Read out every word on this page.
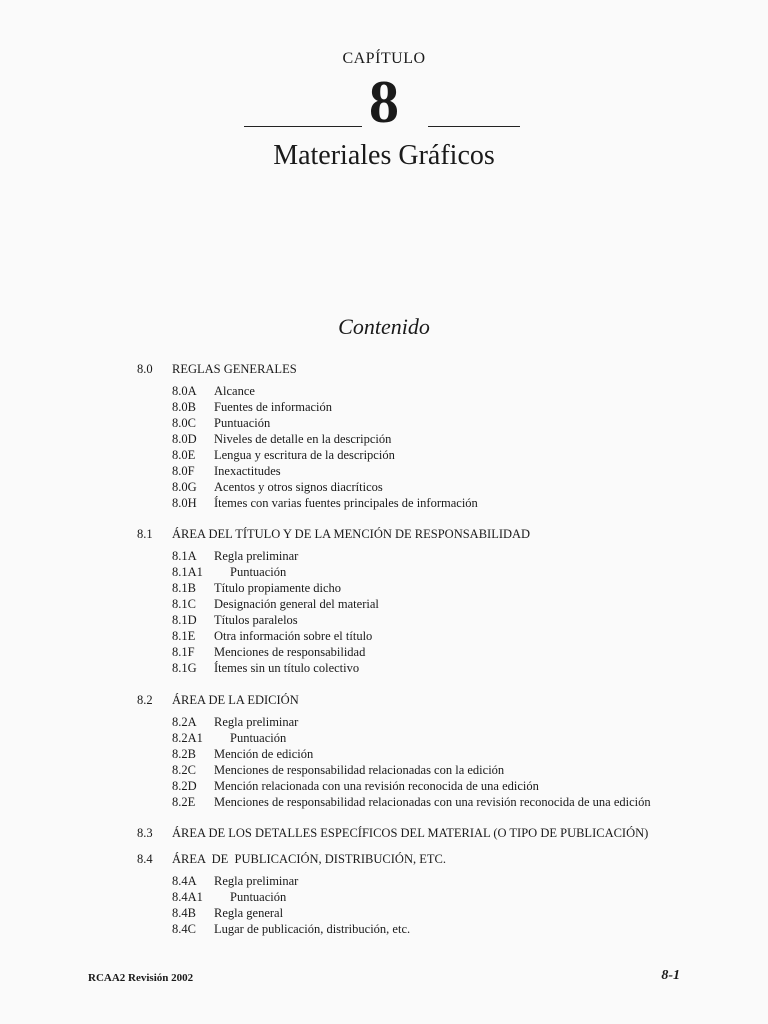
CAPÍTULO
8
Materiales Gráficos
Contenido
8.0 REGLAS GENERALES
8.0A Alcance
8.0B Fuentes de información
8.0C Puntuación
8.0D Niveles de detalle en la descripción
8.0E Lengua y escritura de la descripción
8.0F Inexactitudes
8.0G Acentos y otros signos diacríticos
8.0H Ítemes con varias fuentes principales de información
8.1 ÁREA DEL TÍTULO Y DE LA MENCIÓN DE RESPONSABILIDAD
8.1A Regla preliminar
8.1A1 Puntuación
8.1B Título propiamente dicho
8.1C Designación general del material
8.1D Títulos paralelos
8.1E Otra información sobre el título
8.1F Menciones de responsabilidad
8.1G Ítemes sin un título colectivo
8.2 ÁREA DE LA EDICIÓN
8.2A Regla preliminar
8.2A1 Puntuación
8.2B Mención de edición
8.2C Menciones de responsabilidad relacionadas con la edición
8.2D Mención relacionada con una revisión reconocida de una edición
8.2E Menciones de responsabilidad relacionadas con una revisión reconocida de una edición
8.3 ÁREA DE LOS DETALLES ESPECÍFICOS DEL MATERIAL (O TIPO DE PUBLICACIÓN)
8.4 ÁREA  DE  PUBLICACIÓN, DISTRIBUCIÓN, ETC.
8.4A Regla preliminar
8.4A1 Puntuación
8.4B Regla general
8.4C Lugar de publicación, distribución, etc.
RCAA2 Revisión 2002	8-1
